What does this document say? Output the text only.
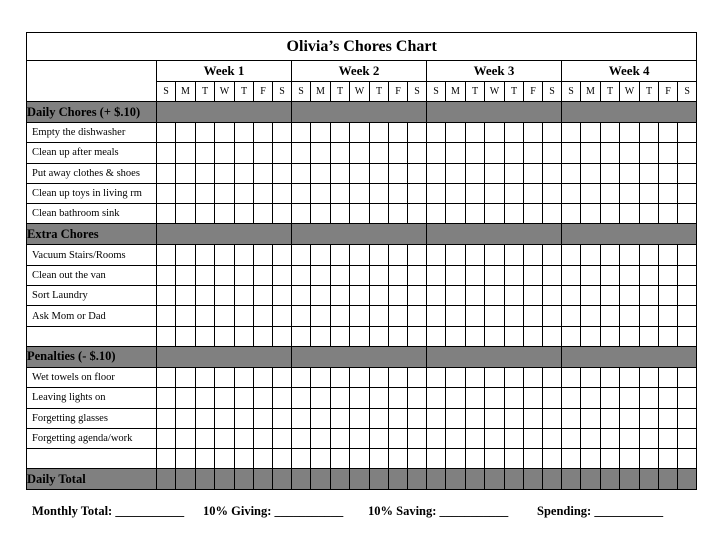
Olivia’s Chores Chart																												
	Week 1							Week 2							Week 3							Week 4						
	S	M	T	W	T	F	S	S	M	T	W	T	F	S	S	M	T	W	T	F	S	S	M	T	W	T	F	S
Daily Chores (+ $.10)																												
Empty the dishwasher																												
Clean up after meals																												
Put away clothes & shoes																												
Clean up toys in living rm																												
Clean bathroom sink																												
Extra Chores																												
Vacuum Stairs/Rooms																												
Clean out the van																												
Sort Laundry																												
Ask Mom or Dad																												

Penalties (- $.10)																												
Wet towels on floor																												
Leaving lights on																												
Forgetting glasses																												
Forgetting agenda/work																												

Daily Total																												
Monthly Total: ___________ 10% Giving: ___________ 10% Saving: ___________ Spending: ___________
